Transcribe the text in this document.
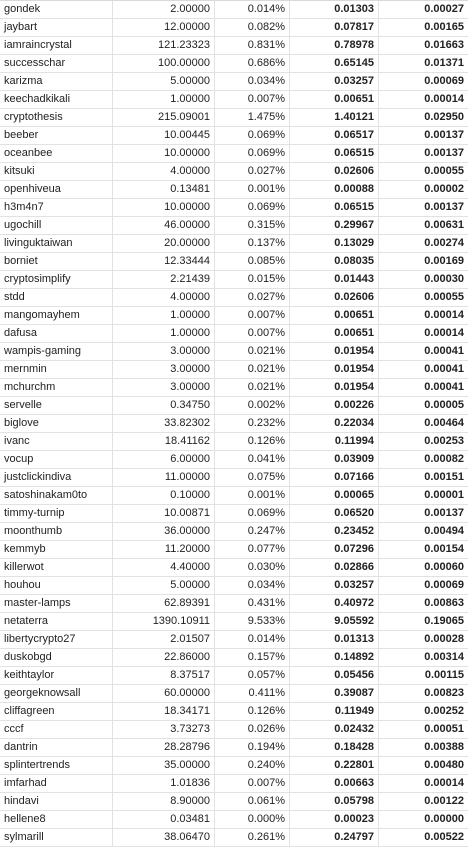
gondek	2.00000	0.014%	0.01303	0.00027
jaybart	12.00000	0.082%	0.07817	0.00165
iamraincrystal	121.23323	0.831%	0.78978	0.01663
successchar	100.00000	0.686%	0.65145	0.01371
karizma	5.00000	0.034%	0.03257	0.00069
keechadkikali	1.00000	0.007%	0.00651	0.00014
cryptothesis	215.09001	1.475%	1.40121	0.02950
beeber	10.00445	0.069%	0.06517	0.00137
oceanbee	10.00000	0.069%	0.06515	0.00137
kitsuki	4.00000	0.027%	0.02606	0.00055
openhiveua	0.13481	0.001%	0.00088	0.00002
h3m4n7	10.00000	0.069%	0.06515	0.00137
ugochill	46.00000	0.315%	0.29967	0.00631
livinguktaiwan	20.00000	0.137%	0.13029	0.00274
borniet	12.33444	0.085%	0.08035	0.00169
cryptosimplify	2.21439	0.015%	0.01443	0.00030
stdd	4.00000	0.027%	0.02606	0.00055
mangomayhem	1.00000	0.007%	0.00651	0.00014
dafusa	1.00000	0.007%	0.00651	0.00014
wampis-gaming	3.00000	0.021%	0.01954	0.00041
mernmin	3.00000	0.021%	0.01954	0.00041
mchurchm	3.00000	0.021%	0.01954	0.00041
servelle	0.34750	0.002%	0.00226	0.00005
biglove	33.82302	0.232%	0.22034	0.00464
ivanc	18.41162	0.126%	0.11994	0.00253
vocup	6.00000	0.041%	0.03909	0.00082
justclickindiva	11.00000	0.075%	0.07166	0.00151
satoshinakam0to	0.10000	0.001%	0.00065	0.00001
timmy-turnip	10.00871	0.069%	0.06520	0.00137
moonthumb	36.00000	0.247%	0.23452	0.00494
kemmyb	11.20000	0.077%	0.07296	0.00154
killerwot	4.40000	0.030%	0.02866	0.00060
houhou	5.00000	0.034%	0.03257	0.00069
master-lamps	62.89391	0.431%	0.40972	0.00863
netaterra	1390.10911	9.533%	9.05592	0.19065
libertycrypto27	2.01507	0.014%	0.01313	0.00028
duskobgd	22.86000	0.157%	0.14892	0.00314
keithtaylor	8.37517	0.057%	0.05456	0.00115
georgeknowsall	60.00000	0.411%	0.39087	0.00823
cliffagreen	18.34171	0.126%	0.11949	0.00252
cccf	3.73273	0.026%	0.02432	0.00051
dantrin	28.28796	0.194%	0.18428	0.00388
splintertrends	35.00000	0.240%	0.22801	0.00480
imfarhad	1.01836	0.007%	0.00663	0.00014
hindavi	8.90000	0.061%	0.05798	0.00122
hellene8	0.03481	0.000%	0.00023	0.00000
sylmarill	38.06470	0.261%	0.24797	0.00522
